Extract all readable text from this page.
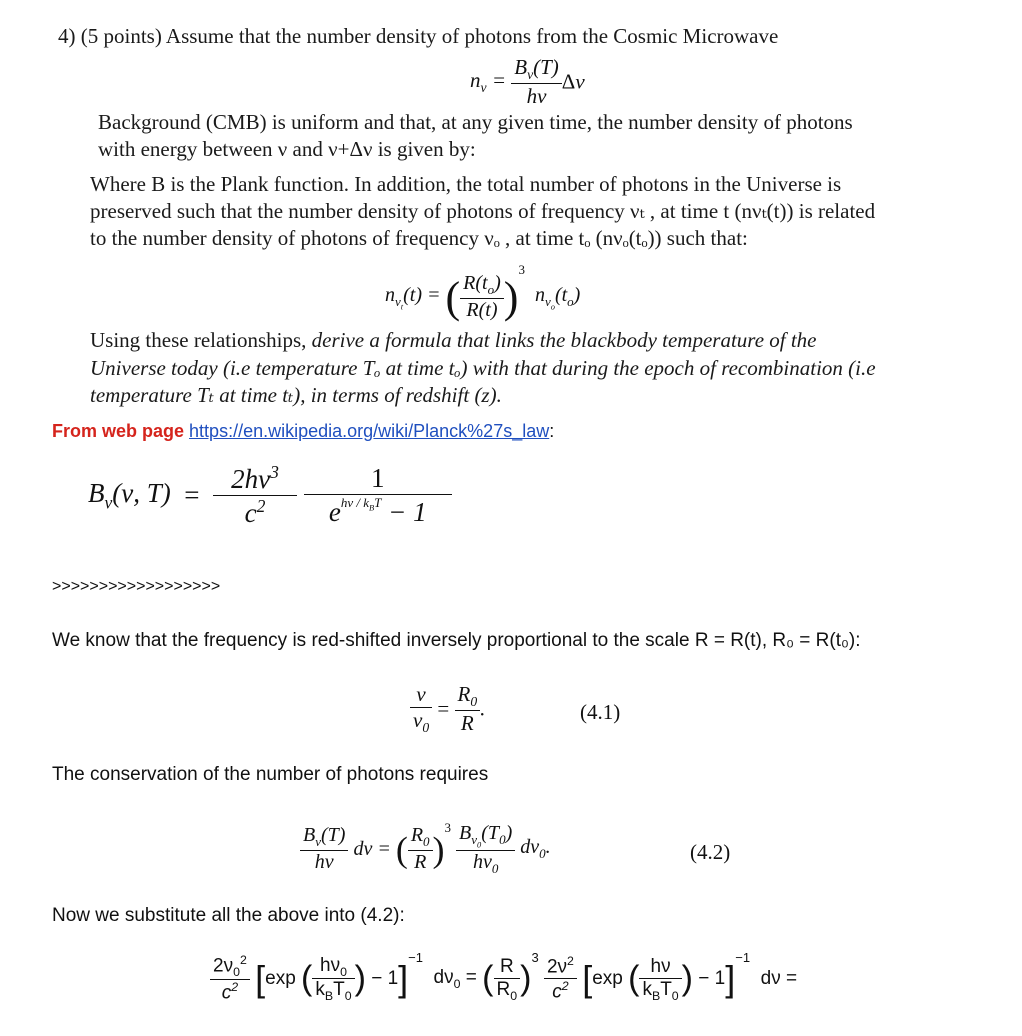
4) (5 points) Assume that the number density of photons from the Cosmic Microwave
$n_\nu = \frac{B_\nu(T)}{h\nu}$ Δν
Background (CMB) is uniform and that, at any given time, the number density of photons
with energy between ν and ν+Δν is given by:
Where B is the Plank function. In addition, the total number of photons in the Universe is
preserved such that the number density of photons of frequency νₜ , at time t (nνₜ(t)) is related
to the number density of photons of frequency νₒ , at time tₒ (nνₒ(tₒ)) such that:
$n_{\nu_t}(t)$ = ( $\frac{R(t_o)}{R(t)} )^3$  $n_{\nu_o}(t_o)$
Using these relationships, derive a formula that links the blackbody temperature of the
Universe today (i.e temperature Tₒ at time tₒ) with that during the epoch of recombination (i.e
temperature Tₜ at time tₜ), in terms of redshift (z).
From web page https://en.wikipedia.org/wiki/Planck%27s_law:
$B_\nu(\nu$, $T) = \frac{2h\nu^3}{c^2}$
$\frac{1}{e^{h\nu / k_BT} - 1}$
>>>>>>>>>>>>>>>>>>
We know that the frequency is red-shifted inversely proportional to the scale R = R(t), R₀ = R(t₀):
$\frac{\nu}{\nu_0} = \frac{R_0}{R}$ .	(4.1)
The conservation of the number of photons requires
$\frac{B_\nu(T)}{h\nu}$ dν = ( $\frac{R_0}{R} )^3 \frac{B_{\nu_0}(T_0)}{h\nu_0} d\nu_0$.	(4.2)
Now we substitute all the above into (4.2):
$\frac{2\nu_0^2}{c^2} [\exp$ ( $\frac{h\nu_0}{k_BT_0}$ ) − 1]$^{-1}$  $d\nu_0$ = ( $\frac{R}{R_0} )^3 \frac{2\nu^2}{c^2} [\exp$ ( $\frac{h\nu}{k_BT_0}$ ) − 1]$^{-1}$  dν =
